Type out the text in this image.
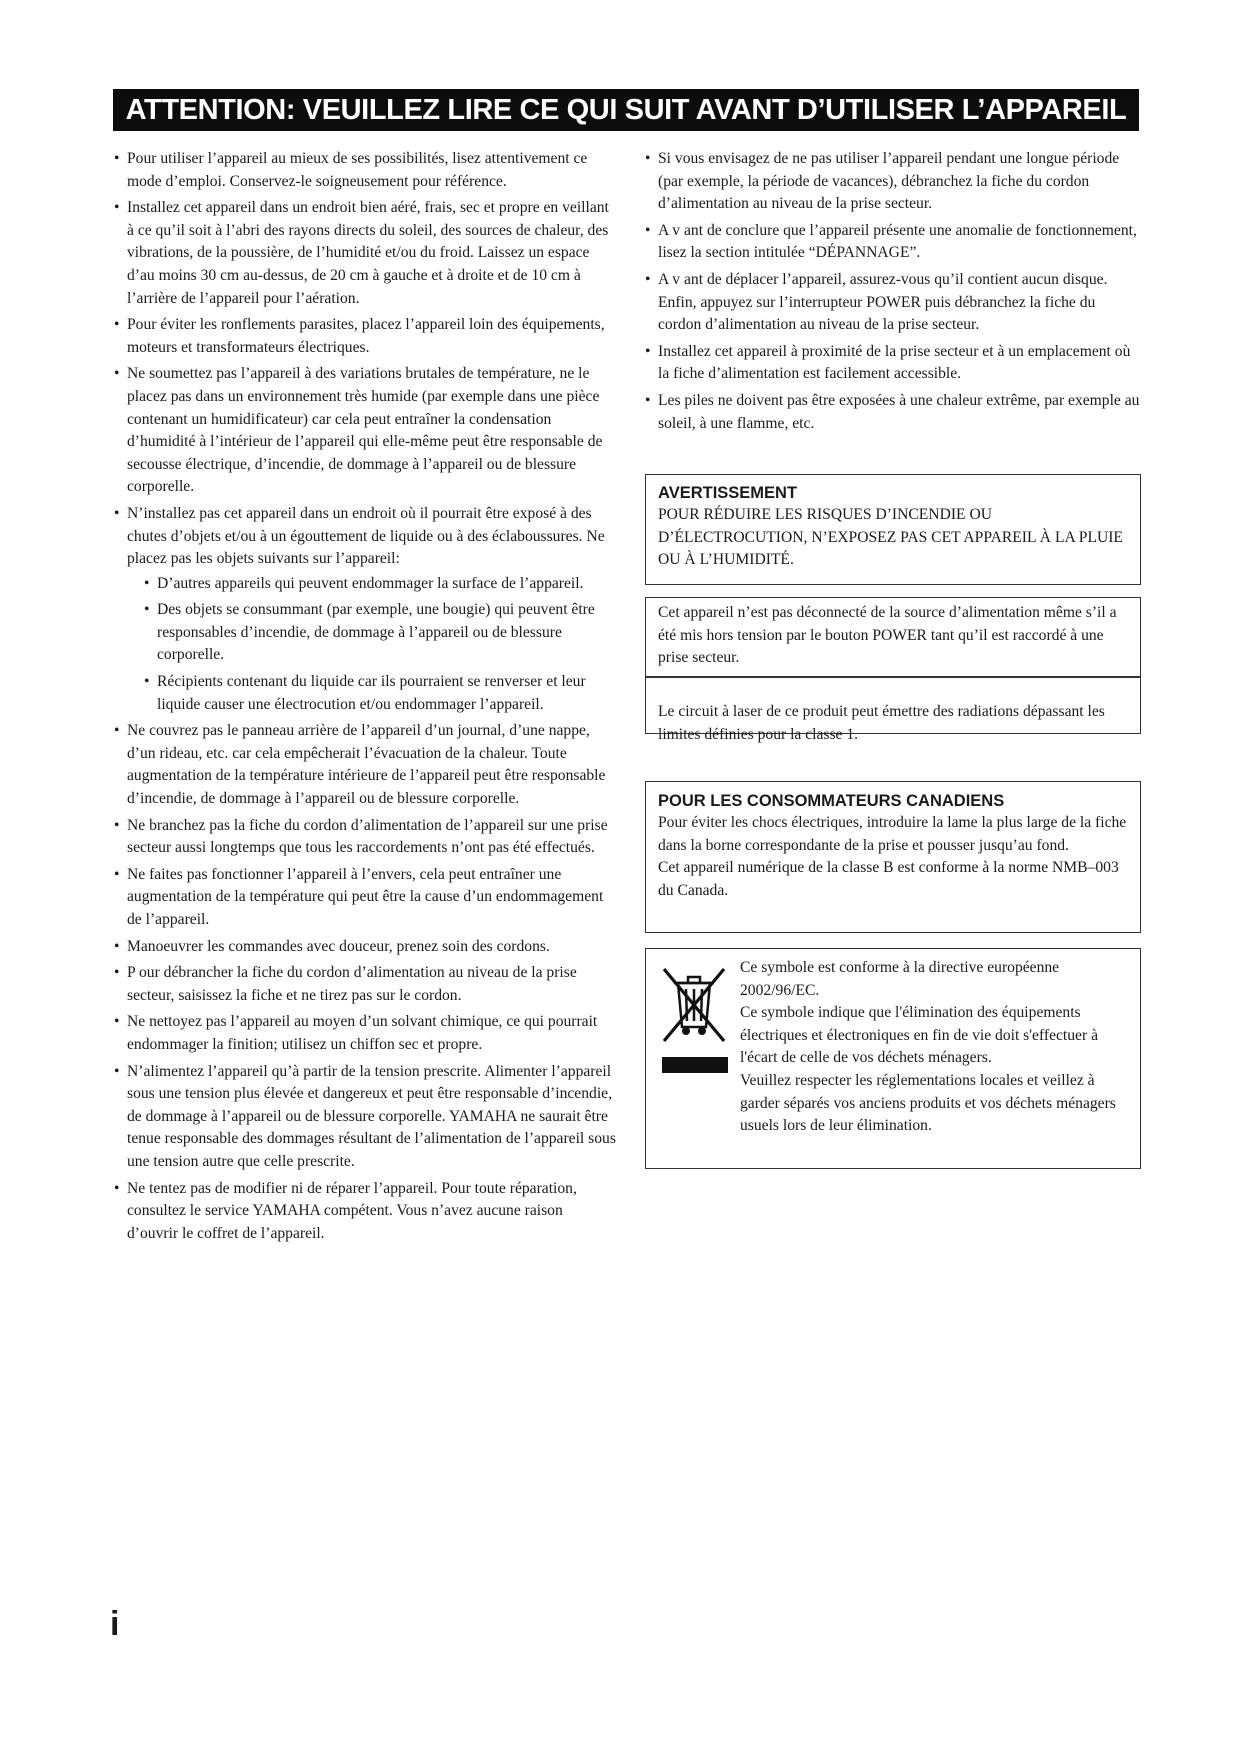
ATTENTION: VEUILLEZ LIRE CE QUI SUIT AVANT D’UTILISER L’APPAREIL
• Pour utiliser l’appareil au mieux de ses possibilités, lisez attentivement ce mode d’emploi. Conservez-le soigneusement pour référence.
• Installez cet appareil dans un endroit bien aéré, frais, sec et propre en veillant à ce qu’il soit à l’abri des rayons directs du soleil, des sources de chaleur, des vibrations, de la poussière, de l’humidité et/ou du froid. Laissez un espace d’au moins 30 cm au-dessus, de 20 cm à gauche et à droite et de 10 cm à l’arrière de l’appareil pour l’aération.
• Pour éviter les ronflements parasites, placez l’appareil loin des équipements, moteurs et transformateurs électriques.
• Ne soumettez pas l’appareil à des variations brutales de température, ne le placez pas dans un environnement très humide (par exemple dans une pièce contenant un humidificateur) car cela peut entraîner la condensation d’humidité à l’intérieur de l’appareil qui elle-même peut être responsable de secousse électrique, d’incendie, de dommage à l’appareil ou de blessure corporelle.
• N’installez pas cet appareil dans un endroit où il pourrait être exposé à des chutes d’objets et/ou à un égouttement de liquide ou à des éclaboussures. Ne placez pas les objets suivants sur l’appareil:
• D’autres appareils qui peuvent endommager la surface de l’appareil.
• Des objets se consummant (par exemple, une bougie) qui peuvent être responsables d’incendie, de dommage à l’appareil ou de blessure corporelle.
• Récipients contenant du liquide car ils pourraient se renverser et leur liquide causer une électrocution et/ou endommager l’appareil.
• Ne couvrez pas le panneau arrière de l’appareil d’un journal, d’une nappe, d’un rideau, etc. car cela empêcherait l’évacuation de la chaleur. Toute augmentation de la température intérieure de l’appareil peut être responsable d’incendie, de dommage à l’appareil ou de blessure corporelle.
• Ne branchez pas la fiche du cordon d’alimentation de l’appareil sur une prise secteur aussi longtemps que tous les raccordements n’ont pas été effectués.
• Ne faites pas fonctionner l’appareil à l’envers, cela peut entraîner une augmentation de la température qui peut être la cause d’un endommagement de l’appareil.
• Manoeuvrer les commandes avec douceur, prenez soin des cordons.
• P our débrancher la fiche du cordon d’alimentation au niveau de la prise secteur, saisissez la fiche et ne tirez pas sur le cordon.
• Ne nettoyez pas l’appareil au moyen d’un solvant chimique, ce qui pourrait endommager la finition; utilisez un chiffon sec et propre.
• N’alimentez l’appareil qu’à partir de la tension prescrite. Alimenter l’appareil sous une tension plus élevée et dangereux et peut être responsable d’incendie, de dommage à l’appareil ou de blessure corporelle. YAMAHA ne saurait être tenue responsable des dommages résultant de l’alimentation de l’appareil sous une tension autre que celle prescrite.
• Ne tentez pas de modifier ni de réparer l’appareil. Pour toute réparation, consultez le service YAMAHA compétent. Vous n’avez aucune raison d’ouvrir le coffret de l’appareil.
• Si vous envisagez de ne pas utiliser l’appareil pendant une longue période (par exemple, la période de vacances), débranchez la fiche du cordon d’alimentation au niveau de la prise secteur.
• A v ant de conclure que l’appareil présente une anomalie de fonctionnement, lisez la section intitulée “DÉPANNAGE”.
• A v ant de déplacer l’appareil, assurez-vous qu’il contient aucun disque. Enfin, appuyez sur l’interrupteur POWER puis débranchez la fiche du cordon d’alimentation au niveau de la prise secteur.
• Installez cet appareil à proximité de la prise secteur et à un emplacement où la fiche d’alimentation est facilement accessible.
• Les piles ne doivent pas être exposées à une chaleur extrême, par exemple au soleil, à une flamme, etc.
AVERTISSEMENT

POUR RÉDUIRE LES RISQUES D’INCENDIE OU D’ÉLECTROCUTION, N’EXPOSEZ PAS CET APPAREIL À LA PLUIE OU À L’HUMIDITÉ.

Cet appareil n’est pas déconnecté de la source d’alimentation même s’il a été mis hors tension par le bouton POWER tant qu’il est raccordé à une prise secteur.

Le circuit à laser de ce produit peut émettre des radiations dépassant les limites définies pour la classe 1.

POUR LES CONSOMMATEURS CANADIENS

Pour éviter les chocs électriques, introduire la lame la plus large de la fiche dans la borne correspondante de la prise et pousser jusqu’au fond.

Cet appareil numérique de la classe B est conforme à la norme NMB–003 du Canada.

Ce symbole est conforme à la directive européenne 2002/96/EC.

Ce symbole indique que l'élimination des équipements électriques et électroniques en fin de vie doit s'effectuer à l'écart de celle de vos déchets ménagers.

Veuillez respecter les réglementations locales et veillez à garder séparés vos anciens produits et vos déchets ménagers usuels lors de leur élimination.

i
